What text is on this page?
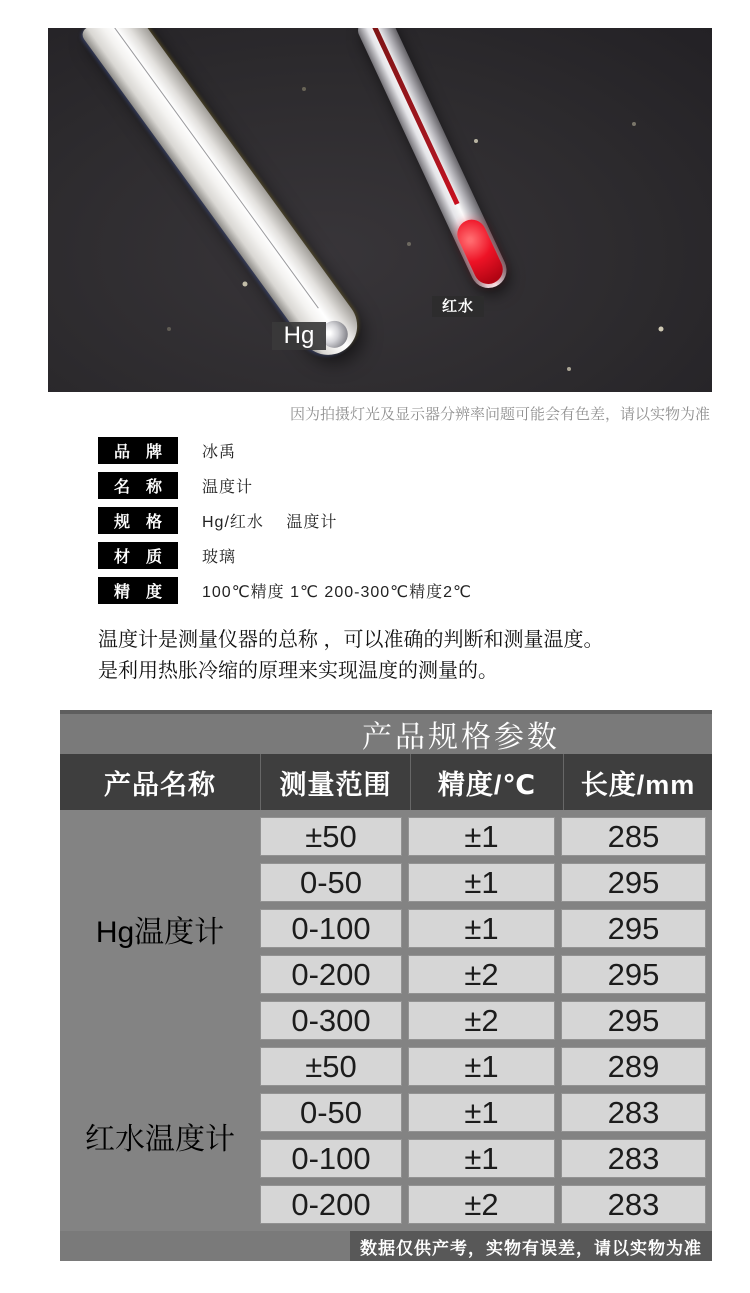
Hg
红水
因为拍摄灯光及显示器分辨率问题可能会有色差，请以实物为准
品　牌	冰禹
名　称	温度计
规　格	Hg/红水　 温度计
材　质	玻璃
精　度	100℃精度 1℃ 200-300℃精度2℃
温度计是测量仪器的总称 ，可以准确的判断和测量温度。
是利用热胀冷缩的原理来实现温度的测量的。
产品规格参数
产品名称	测量范围	精度/℃	长度/mm
Hg温度计	±50	±1	285
	0-50	±1	295
	0-100	±1	295
	0-200	±2	295
	0-300	±2	295
红水温度计	±50	±1	289
	0-50	±1	283
	0-100	±1	283
	0-200	±2	283
数据仅供产考，实物有误差，请以实物为准
